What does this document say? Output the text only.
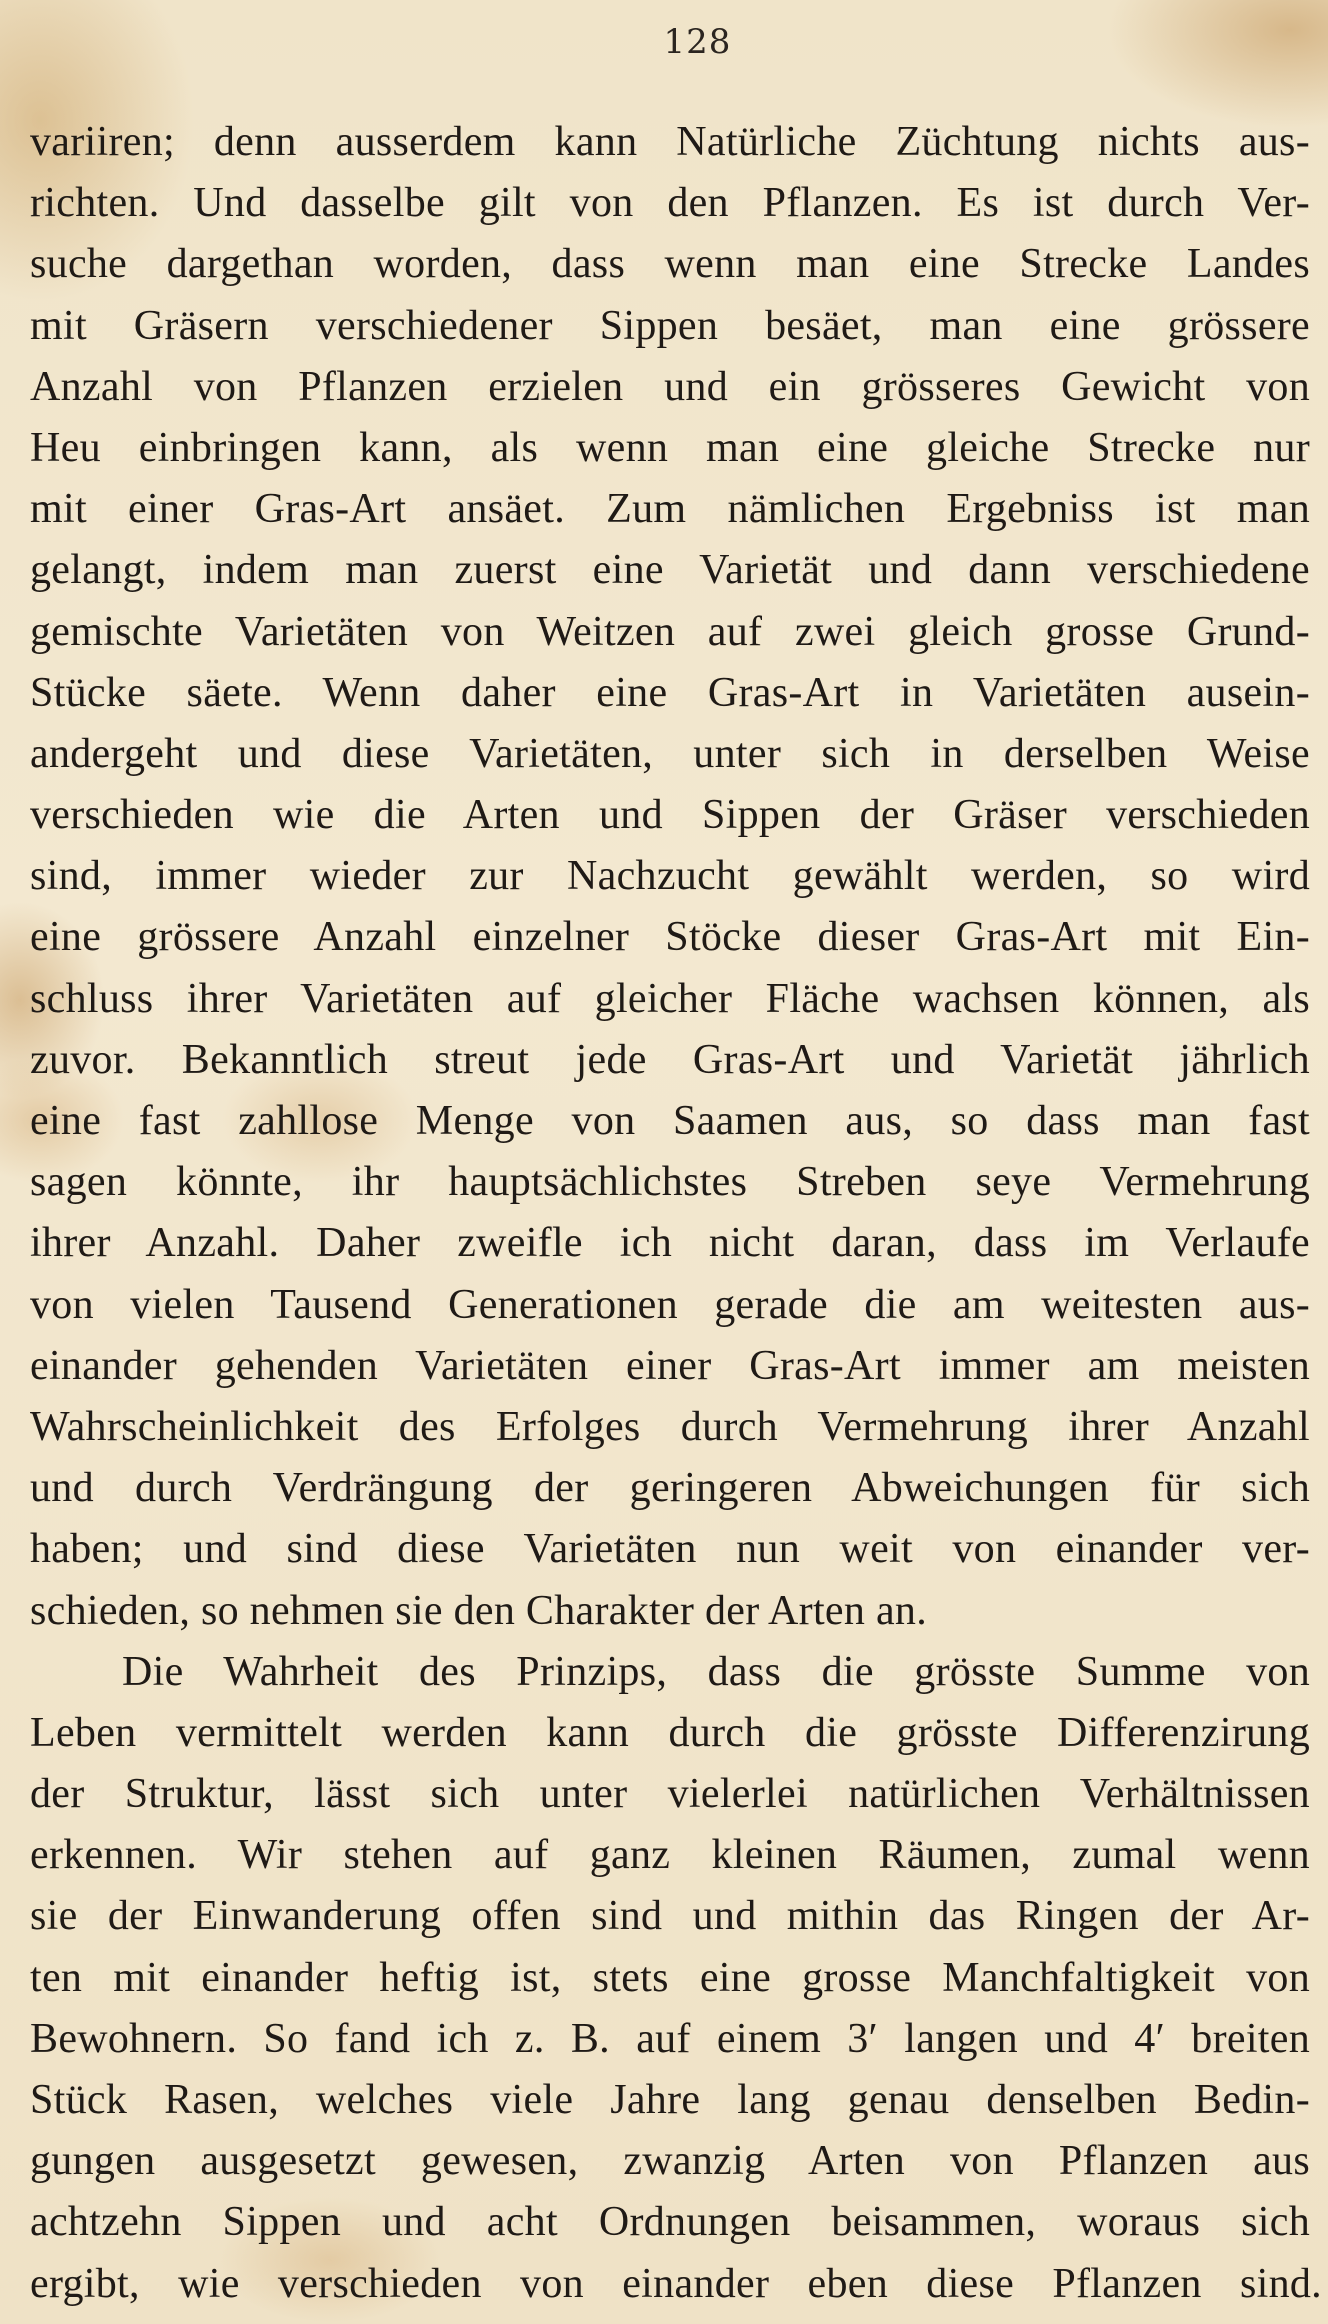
128
variiren; denn ausserdem kann Natürliche Züchtung nichts aus-
richten. Und dasselbe gilt von den Pflanzen. Es ist durch Ver-
suche dargethan worden, dass wenn man eine Strecke Landes
mit Gräsern verschiedener Sippen besäet, man eine grössere
Anzahl von Pflanzen erzielen und ein grösseres Gewicht von
Heu einbringen kann, als wenn man eine gleiche Strecke nur
mit einer Gras-Art ansäet. Zum nämlichen Ergebniss ist man
gelangt, indem man zuerst eine Varietät und dann verschiedene
gemischte Varietäten von Weitzen auf zwei gleich grosse Grund-
Stücke säete. Wenn daher eine Gras-Art in Varietäten ausein-
andergeht und diese Varietäten, unter sich in derselben Weise
verschieden wie die Arten und Sippen der Gräser verschieden
sind, immer wieder zur Nachzucht gewählt werden, so wird
eine grössere Anzahl einzelner Stöcke dieser Gras-Art mit Ein-
schluss ihrer Varietäten auf gleicher Fläche wachsen können, als
zuvor. Bekanntlich streut jede Gras-Art und Varietät jährlich
eine fast zahllose Menge von Saamen aus, so dass man fast
sagen könnte, ihr hauptsächlichstes Streben seye Vermehrung
ihrer Anzahl. Daher zweifle ich nicht daran, dass im Verlaufe
von vielen Tausend Generationen gerade die am weitesten aus-
einander gehenden Varietäten einer Gras-Art immer am meisten
Wahrscheinlichkeit des Erfolges durch Vermehrung ihrer Anzahl
und durch Verdrängung der geringeren Abweichungen für sich
haben; und sind diese Varietäten nun weit von einander ver-
schieden, so nehmen sie den Charakter der Arten an.
Die Wahrheit des Prinzips, dass die grösste Summe von
Leben vermittelt werden kann durch die grösste Differenzirung
der Struktur, lässt sich unter vielerlei natürlichen Verhältnissen
erkennen. Wir stehen auf ganz kleinen Räumen, zumal wenn
sie der Einwanderung offen sind und mithin das Ringen der Ar-
ten mit einander heftig ist, stets eine grosse Manchfaltigkeit von
Bewohnern. So fand ich z. B. auf einem 3′ langen und 4′ breiten
Stück Rasen, welches viele Jahre lang genau denselben Bedin-
gungen ausgesetzt gewesen, zwanzig Arten von Pflanzen aus
achtzehn Sippen und acht Ordnungen beisammen, woraus sich
ergibt, wie verschieden von einander eben diese Pflanzen sind.
